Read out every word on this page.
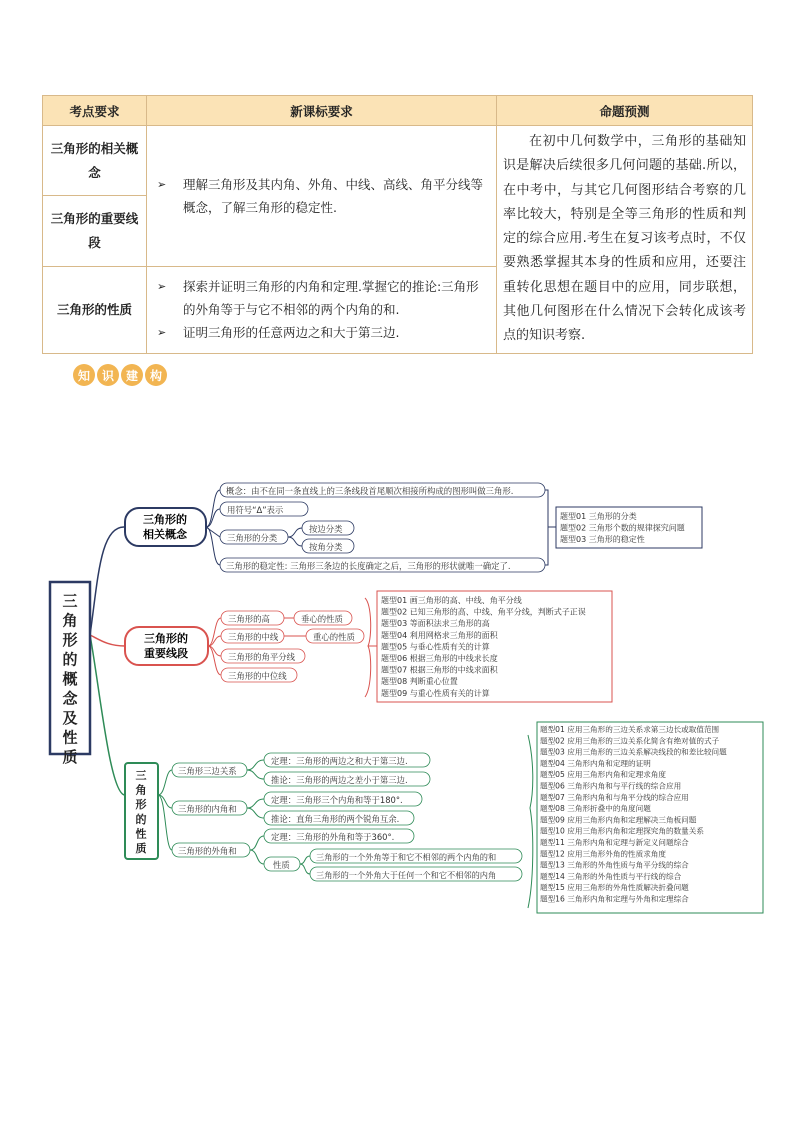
考点要求	新课标要求	命题预测
三角形的相关概念	➢ 理解三角形及其内角、外角、中线、高线、角平分线等概念，了解三角形的稳定性.	在初中几何数学中，三角形的基础知识是解决后续很多几何问题的基础.所以，在中考中，与其它几何图形结合考察的几率比较大，特别是全等三角形的性质和判定的综合应用.考生在复习该考点时，不仅要熟悉掌握其本身的性质和应用，还要注重转化思想在题目中的应用，同步联想，其他几何图形在什么情况下会转化成该考点的知识考察.
三角形的重要线段		
三角形的性质	➢ 探索并证明三角形的内角和定理.掌握它的推论:三角形的外角等于与它不相邻的两个内角的和.
➢ 证明三角形的任意两边之和大于第三边.	
知 识 建 构
三
角
形
的
概
念
及
性
质
三角形的相关概念
概念：由不在同一条直线上的三条线段首尾顺次相接所构成的图形叫做三角形.
用符号“Δ”表示
三角形的分类
按边分类
按角分类
三角形的稳定性: 三角形三条边的长度确定之后，三角形的形状就唯一确定了.
题型01 三角形的分类
题型02 三角形个数的规律探究问题
题型03 三角形的稳定性
三角形的重要线段
三角形的高
三角形的中线
三角形的角平分线
三角形的中位线
垂心的性质
重心的性质
题型01 画三角形的高、中线、角平分线
题型02 已知三角形的高、中线、角平分线，判断式子正误
题型03 等面积法求三角形的高
题型04 利用网格求三角形的面积
题型05 与垂心性质有关的计算
题型06 根据三角形的中线求长度
题型07 根据三角形的中线求面积
题型08 判断重心位置
题型09 与重心性质有关的计算
三
角
形
的
性
质
三角形三边关系
定理：三角形的两边之和大于第三边.
推论：三角形的两边之差小于第三边.
三角形的内角和
定理：三角形三个内角和等于180°.
推论：直角三角形的两个锐角互余.
三角形的外角和
定理：三角形的外角和等于360°.
性质
三角形的一个外角等于和它不相邻的两个内角的和
三角形的一个外角大于任何一个和它不相邻的内角
题型01 应用三角形的三边关系求第三边长或取值范围
题型02 应用三角形的三边关系化简含有绝对值的式子
题型03 应用三角形的三边关系解决线段的和差比较问题
题型04 三角形内角和定理的证明
题型05 应用三角形内角和定理求角度
题型06 三角形内角和与平行线的综合应用
题型07 三角形内角和与角平分线的综合应用
题型08 三角形折叠中的角度问题
题型09 应用三角形内角和定理解决三角板问题
题型10 应用三角形内角和定理探究角的数量关系
题型11 三角形内角和定理与新定义问题综合
题型12 应用三角形外角的性质求角度
题型13 三角形的外角性质与角平分线的综合
题型14 三角形的外角性质与平行线的综合
题型15 应用三角形的外角性质解决折叠问题
题型16 三角形内角和定理与外角和定理综合
